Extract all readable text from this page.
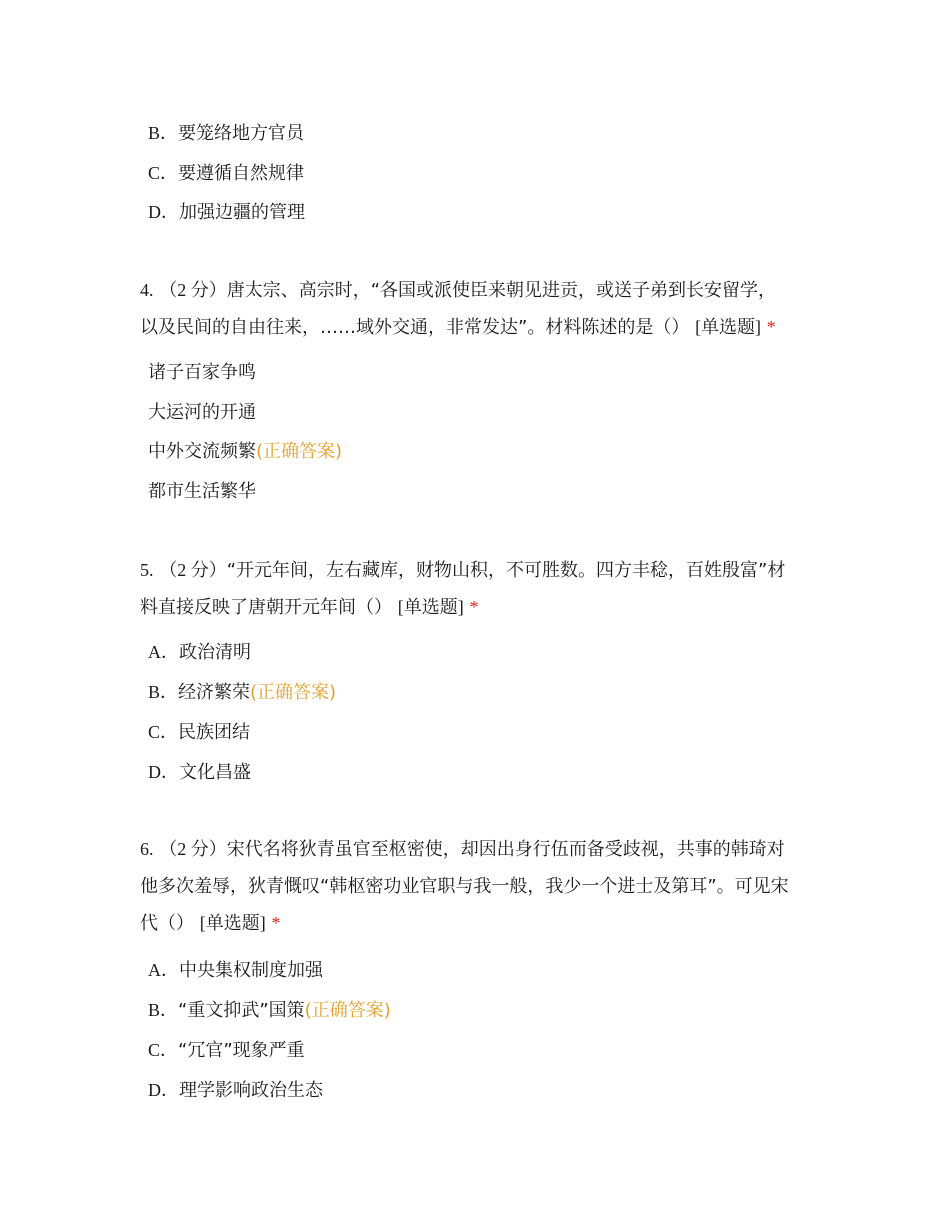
B．要笼络地方官员
C．要遵循自然规律
D．加强边疆的管理
4. （2 分）唐太宗、高宗时，“各国或派使臣来朝见进贡，或送子弟到长安留学，
以及民间的自由往来，……域外交通，非常发达”。材料陈述的是（） [单选题] *
诸子百家争鸣
大运河的开通
中外交流频繁(正确答案)
都市生活繁华
5. （2 分）“开元年间，左右藏库，财物山积，不可胜数。四方丰稔，百姓殷富”材
料直接反映了唐朝开元年间（） [单选题] *
A．政治清明
B．经济繁荣(正确答案)
C．民族团结
D．文化昌盛
6. （2 分）宋代名将狄青虽官至枢密使，却因出身行伍而备受歧视，共事的韩琦对
他多次羞辱，狄青慨叹“韩枢密功业官职与我一般，我少一个进士及第耳”。可见宋
代（） [单选题] *
A．中央集权制度加强
B．“重文抑武”国策(正确答案)
C．“冗官”现象严重
D．理学影响政治生态
